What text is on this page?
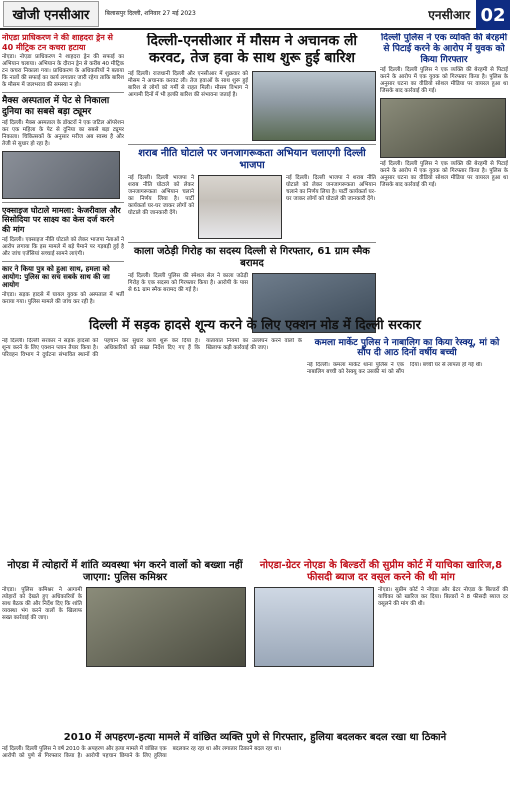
खोजी एनसीआर	बिलासपुर दिल्ली, शनिवार 27 मई 2023	एनसीआर 02
नोएडा प्राधिकरण ने की शाहदरा ड्रेन से 40 मीट्रिक टन कचरा हटाया
नोएडा। नोएडा प्राधिकरण ने शाहदरा ड्रेन की सफाई का अभियान चलाया। अभियान के दौरान ड्रेन से करीब 40 मीट्रिक टन कचरा निकाला गया। प्राधिकरण के अधिकारियों ने बताया कि नालों की सफाई का कार्य लगातार जारी रहेगा ताकि बारिश के मौसम में जलभराव की समस्या न हो।
मैक्स अस्पताल में पेट से निकाला दुनिया का सबसे बड़ा ट्यूमर
नई दिल्ली। मैक्स अस्पताल के डॉक्टरों ने एक जटिल ऑपरेशन कर एक महिला के पेट से दुनिया का सबसे बड़ा ट्यूमर निकाला। चिकित्सकों के अनुसार मरीज अब स्वस्थ है और तेजी से सुधार हो रहा है।
एक्साइज घोटाले मामला: केजरीवाल और सिसोदिया पर साक्ष्य का केस दर्ज करने की मांग
नई दिल्ली। एक्साइज नीति घोटाले को लेकर भाजपा नेताओं ने आरोप लगाया कि इस मामले में बड़े पैमाने पर गड़बड़ी हुई है और जांच एजेंसियां सच्चाई सामने लाएंगी।
कार ने किया पुत्र को हुआ साथ, हमला को आयोग: पुलिस का सच सबके साथ की जा आयोग
नोएडा। सड़क हादसे में घायल युवक को अस्पताल में भर्ती कराया गया। पुलिस मामले की जांच कर रही है।
दिल्ली-एनसीआर में मौसम ने अचानक ली करवट, तेज हवा के साथ शुरू हुई बारिश
नई दिल्ली। राजधानी दिल्ली और एनसीआर में शुक्रवार को मौसम ने अचानक करवट ली। तेज हवाओं के साथ शुरू हुई बारिश से लोगों को गर्मी से राहत मिली। मौसम विभाग ने आगामी दिनों में भी हल्की बारिश की संभावना जताई है।
शराब नीति घोटाले पर जनजागरूकता अभियान चलाएगी दिल्ली भाजपा
नई दिल्ली। दिल्ली भाजपा ने शराब नीति घोटाले को लेकर जनजागरूकता अभियान चलाने का निर्णय लिया है। पार्टी कार्यकर्ता घर-घर जाकर लोगों को घोटाले की जानकारी देंगे।
नई दिल्ली। दिल्ली भाजपा ने शराब नीति घोटाले को लेकर जनजागरूकता अभियान चलाने का निर्णय लिया है। पार्टी कार्यकर्ता घर-घर जाकर लोगों को घोटाले की जानकारी देंगे।
काला जठेड़ी गिरोह का सदस्य दिल्ली से गिरफ्तार, 61 ग्राम स्मैक बरामद
नई दिल्ली। दिल्ली पुलिस की स्पेशल सेल ने काला जठेड़ी गिरोह के एक सदस्य को गिरफ्तार किया है। आरोपी के पास से 61 ग्राम स्मैक बरामद की गई है।
दिल्ली पुलिस ने एक व्यक्ति की बेरहमी से पिटाई करने के आरोप में युवक को किया गिरफ्तार
नई दिल्ली। दिल्ली पुलिस ने एक व्यक्ति की बेरहमी से पिटाई करने के आरोप में एक युवक को गिरफ्तार किया है। पुलिस के अनुसार घटना का वीडियो सोशल मीडिया पर वायरल हुआ था जिसके बाद कार्रवाई की गई।
नई दिल्ली। दिल्ली पुलिस ने एक व्यक्ति की बेरहमी से पिटाई करने के आरोप में एक युवक को गिरफ्तार किया है। पुलिस के अनुसार घटना का वीडियो सोशल मीडिया पर वायरल हुआ था जिसके बाद कार्रवाई की गई।
दिल्ली में सड़क हादसे शून्य करने के लिए एक्शन मोड में दिल्ली सरकार
नई दिल्ली। दिल्ली सरकार ने सड़क हादसों को शून्य करने के लिए एक्शन प्लान तैयार किया है। परिवहन विभाग ने दुर्घटना संभावित स्थानों की पहचान कर सुधार कार्य शुरू कर दिया है। अधिकारियों को सख्त निर्देश दिए गए हैं कि यातायात नियमों का उल्लंघन करने वालों के खिलाफ कड़ी कार्रवाई की जाए।	कमला मार्केट पुलिस ने नाबालिग का किया रेस्क्यू, मां को सौंप दी आठ दिनों वर्षीय बच्ची
नई दिल्ली। कमला मार्केट थाना पुलिस ने एक नाबालिग बच्ची को रेस्क्यू कर उसकी मां को सौंप दिया। बच्ची घर से लापता हो गई थी।
नोएडा में त्योहारों में शांति व्यवस्था भंग करने वालों को बख्शा नहीं जाएगा: पुलिस कमिश्नर
नोएडा। पुलिस कमिश्नर ने आगामी त्योहारों को देखते हुए अधिकारियों के साथ बैठक की और निर्देश दिए कि शांति व्यवस्था भंग करने वालों के खिलाफ सख्त कार्रवाई की जाए।
नोएडा-ग्रेटर नोएडा के बिल्डरों की सुप्रीम कोर्ट में याचिका खारिज,8 फीसदी ब्याज दर वसूल करने की थी मांग
नोएडा। सुप्रीम कोर्ट ने नोएडा और ग्रेटर नोएडा के बिल्डरों की याचिका को खारिज कर दिया। बिल्डरों ने 8 फीसदी ब्याज दर वसूलने की मांग की थी।
2010 में अपहरण-हत्या मामले में वांछित व्यक्ति पुणे से गिरफ्तार, हुलिया बदलकर बदल रखा था ठिकाने
नई दिल्ली। दिल्ली पुलिस ने वर्ष 2010 के अपहरण और हत्या मामले में वांछित एक आरोपी को पुणे से गिरफ्तार किया है। आरोपी पहचान छिपाने के लिए हुलिया बदलकर रह रहा था और लगातार ठिकाने बदल रहा था।
